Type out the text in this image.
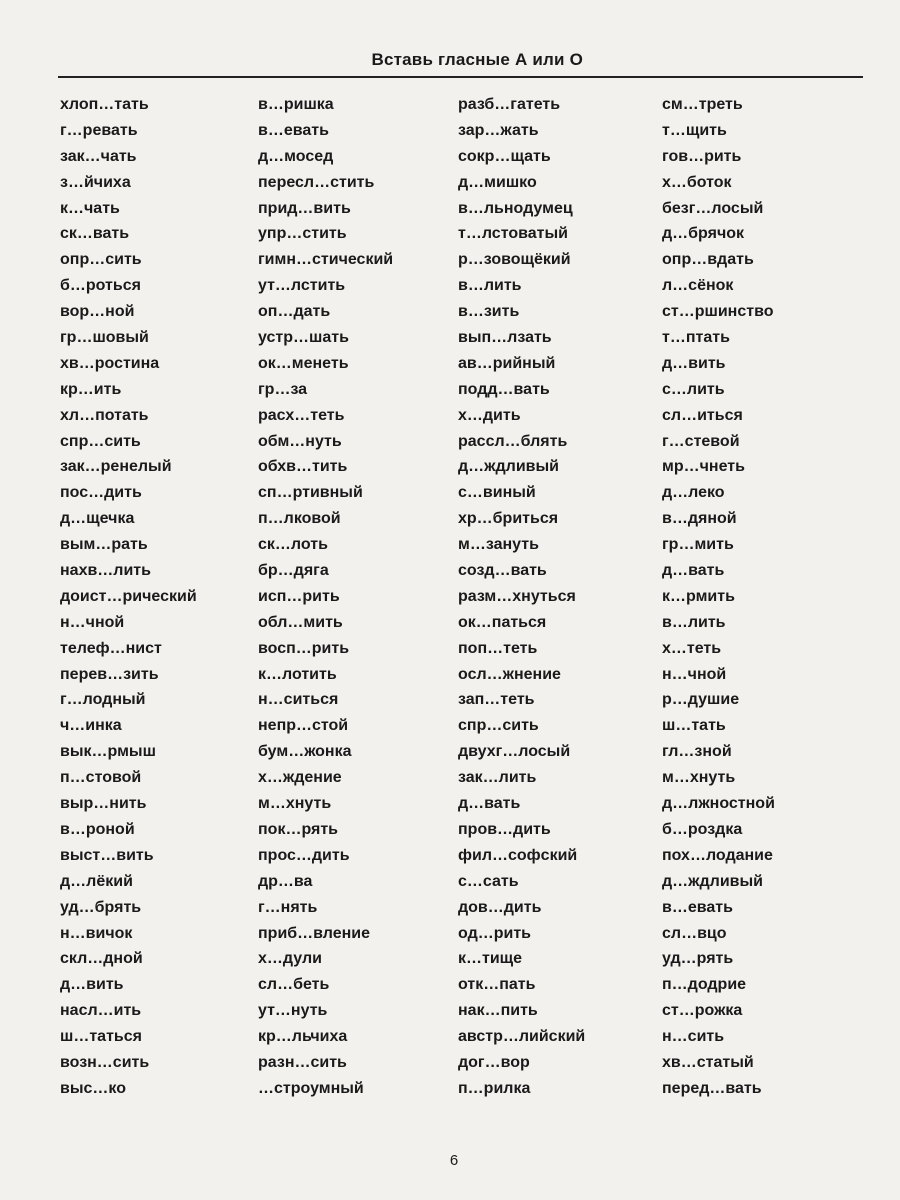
Вставь гласные А или О
хлоп…тать
г…ревать
зак…чать
з…йчиха
к…чать
ск…вать
опр…сить
б…роться
вор…ной
гр…шовый
хв…ростина
кр…ить
хл…потать
спр…сить
зак…ренелый
пос…дить
д…щечка
вым…рать
нахв…лить
доист…рический
н…чной
телеф…нист
перев…зить
г…лодный
ч…инка
вык…рмыш
п…стовой
выр…нить
в…роной
выст…вить
д…лёкий
уд…брять
н…вичок
скл…дной
д…вить
насл…ить
ш…таться
возн…сить
выс…ко
в…ришка
в…евать
д…мосед
пересл…стить
прид…вить
упр…стить
гимн…стический
ут…лстить
оп…дать
устр…шать
ок…менеть
гр…за
расх…теть
обм…нуть
обхв…тить
сп…ртивный
п…лковой
ск…лоть
бр…дяга
исп…рить
обл…мить
восп…рить
к…лотить
н…ситься
непр…стой
бум…жонка
х…ждение
м…хнуть
пок…рять
прос…дить
др…ва
г…нять
приб…вление
х…дули
сл…беть
ут…нуть
кр…льчиха
разн…сить
…строумный
разб…гатеть
зар…жать
сокр…щать
д…мишко
в…льнодумец
т…лстоватый
р…зовощёкий
в…лить
в…зить
вып…лзать
ав…рийный
подд…вать
х…дить
рассл…блять
д…ждливый
с…виный
хр…бриться
м…зануть
созд…вать
разм…хнуться
ок…паться
поп…теть
осл…жнение
зап…теть
спр…сить
двухг…лосый
зак…лить
д…вать
пров…дить
фил…софский
с…сать
дов…дить
од…рить
к…тище
отк…пать
нак…пить
австр…лийский
дог…вор
п…рилка
см…треть
т…щить
гов…рить
х…боток
безг…лосый
д…брячок
опр…вдать
л…сёнок
ст…ршинство
т…птать
д…вить
с…лить
сл…иться
г…стевой
мр…чнеть
д…леко
в…дяной
гр…мить
д…вать
к…рмить
в…лить
х…теть
н…чной
р…душие
ш…тать
гл…зной
м…хнуть
д…лжностной
б…роздка
пох…лодание
д…ждливый
в…евать
сл…вцо
уд…рять
п…додрие
ст…рожка
н…сить
хв…статый
перед…вать
6
